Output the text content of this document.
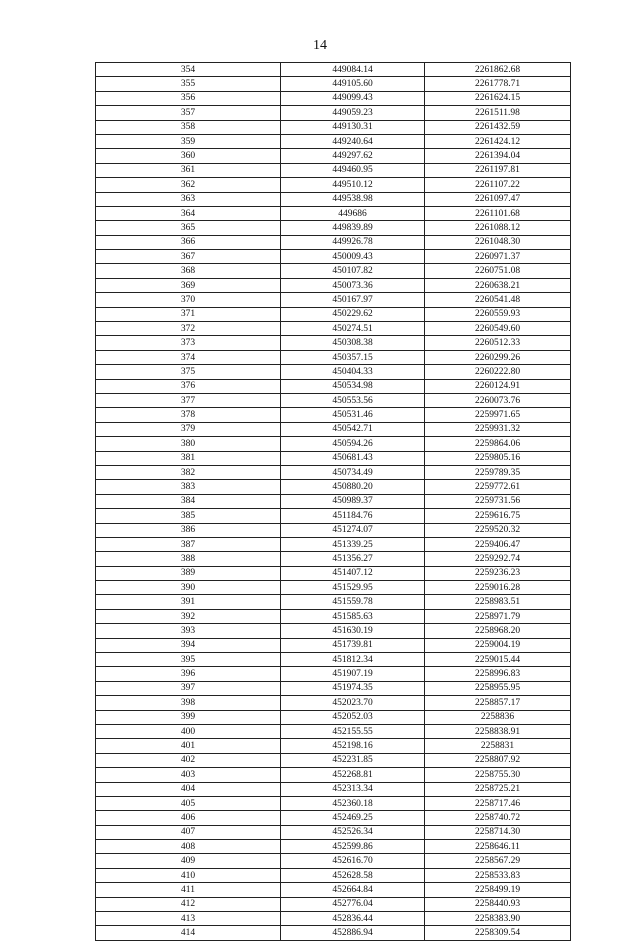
14
354	449084.14	2261862.68
355	449105.60	2261778.71
356	449099.43	2261624.15
357	449059.23	2261511.98
358	449130.31	2261432.59
359	449240.64	2261424.12
360	449297.62	2261394.04
361	449460.95	2261197.81
362	449510.12	2261107.22
363	449538.98	2261097.47
364	449686	2261101.68
365	449839.89	2261088.12
366	449926.78	2261048.30
367	450009.43	2260971.37
368	450107.82	2260751.08
369	450073.36	2260638.21
370	450167.97	2260541.48
371	450229.62	2260559.93
372	450274.51	2260549.60
373	450308.38	2260512.33
374	450357.15	2260299.26
375	450404.33	2260222.80
376	450534.98	2260124.91
377	450553.56	2260073.76
378	450531.46	2259971.65
379	450542.71	2259931.32
380	450594.26	2259864.06
381	450681.43	2259805.16
382	450734.49	2259789.35
383	450880.20	2259772.61
384	450989.37	2259731.56
385	451184.76	2259616.75
386	451274.07	2259520.32
387	451339.25	2259406.47
388	451356.27	2259292.74
389	451407.12	2259236.23
390	451529.95	2259016.28
391	451559.78	2258983.51
392	451585.63	2258971.79
393	451630.19	2258968.20
394	451739.81	2259004.19
395	451812.34	2259015.44
396	451907.19	2258996.83
397	451974.35	2258955.95
398	452023.70	2258857.17
399	452052.03	2258836
400	452155.55	2258838.91
401	452198.16	2258831
402	452231.85	2258807.92
403	452268.81	2258755.30
404	452313.34	2258725.21
405	452360.18	2258717.46
406	452469.25	2258740.72
407	452526.34	2258714.30
408	452599.86	2258646.11
409	452616.70	2258567.29
410	452628.58	2258533.83
411	452664.84	2258499.19
412	452776.04	2258440.93
413	452836.44	2258383.90
414	452886.94	2258309.54
